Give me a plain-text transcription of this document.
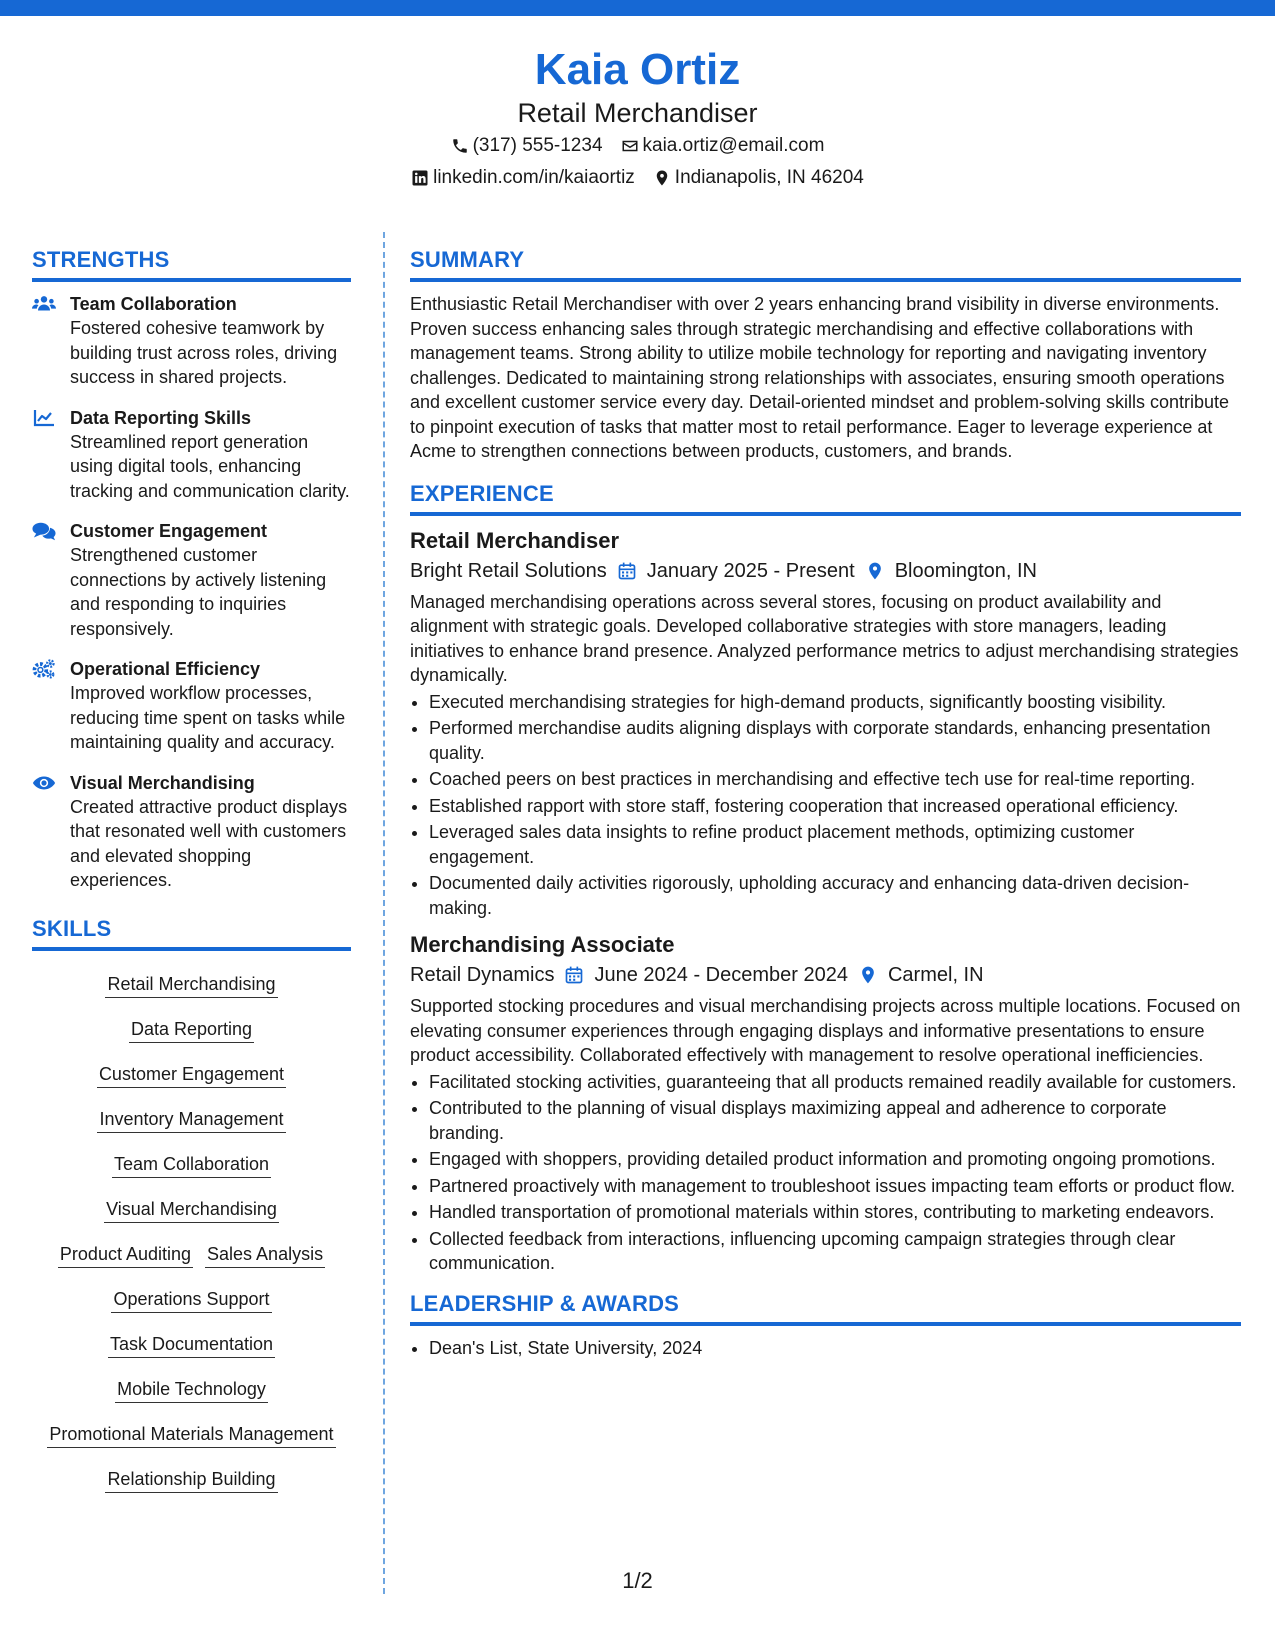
Kaia Ortiz
Retail Merchandiser
(317) 555-1234 kaia.ortiz@email.com
linkedin.com/in/kaiaortiz Indianapolis, IN 46204
STRENGTHS
Team Collaboration
Fostered cohesive teamwork by building trust across roles, driving success in shared projects.
Data Reporting Skills
Streamlined report generation using digital tools, enhancing tracking and communication clarity.
Customer Engagement
Strengthened customer connections by actively listening and responding to inquiries responsively.
Operational Efficiency
Improved workflow processes, reducing time spent on tasks while maintaining quality and accuracy.
Visual Merchandising
Created attractive product displays that resonated well with customers and elevated shopping experiences.
SKILLS
Retail Merchandising
Data Reporting
Customer Engagement
Inventory Management
Team Collaboration
Visual Merchandising
Product Auditing Sales Analysis
Operations Support
Task Documentation
Mobile Technology
Promotional Materials Management
Relationship Building
SUMMARY
Enthusiastic Retail Merchandiser with over 2 years enhancing brand visibility in diverse environments. Proven success enhancing sales through strategic merchandising and effective collaborations with management teams. Strong ability to utilize mobile technology for reporting and navigating inventory challenges. Dedicated to maintaining strong relationships with associates, ensuring smooth operations and excellent customer service every day. Detail-oriented mindset and problem-solving skills contribute to pinpoint execution of tasks that matter most to retail performance. Eager to leverage experience at Acme to strengthen connections between products, customers, and brands.
EXPERIENCE
Retail Merchandiser
Bright Retail Solutions January 2025 - Present Bloomington, IN
Managed merchandising operations across several stores, focusing on product availability and alignment with strategic goals. Developed collaborative strategies with store managers, leading initiatives to enhance brand presence. Analyzed performance metrics to adjust merchandising strategies dynamically.
• Executed merchandising strategies for high-demand products, significantly boosting visibility.
• Performed merchandise audits aligning displays with corporate standards, enhancing presentation quality.
• Coached peers on best practices in merchandising and effective tech use for real-time reporting.
• Established rapport with store staff, fostering cooperation that increased operational efficiency.
• Leveraged sales data insights to refine product placement methods, optimizing customer engagement.
• Documented daily activities rigorously, upholding accuracy and enhancing data-driven decision-making.
Merchandising Associate
Retail Dynamics June 2024 - December 2024 Carmel, IN
Supported stocking procedures and visual merchandising projects across multiple locations. Focused on elevating consumer experiences through engaging displays and informative presentations to ensure product accessibility. Collaborated effectively with management to resolve operational inefficiencies.
• Facilitated stocking activities, guaranteeing that all products remained readily available for customers.
• Contributed to the planning of visual displays maximizing appeal and adherence to corporate branding.
• Engaged with shoppers, providing detailed product information and promoting ongoing promotions.
• Partnered proactively with management to troubleshoot issues impacting team efforts or product flow.
• Handled transportation of promotional materials within stores, contributing to marketing endeavors.
• Collected feedback from interactions, influencing upcoming campaign strategies through clear communication.
LEADERSHIP & AWARDS
• Dean's List, State University, 2024
1/2
